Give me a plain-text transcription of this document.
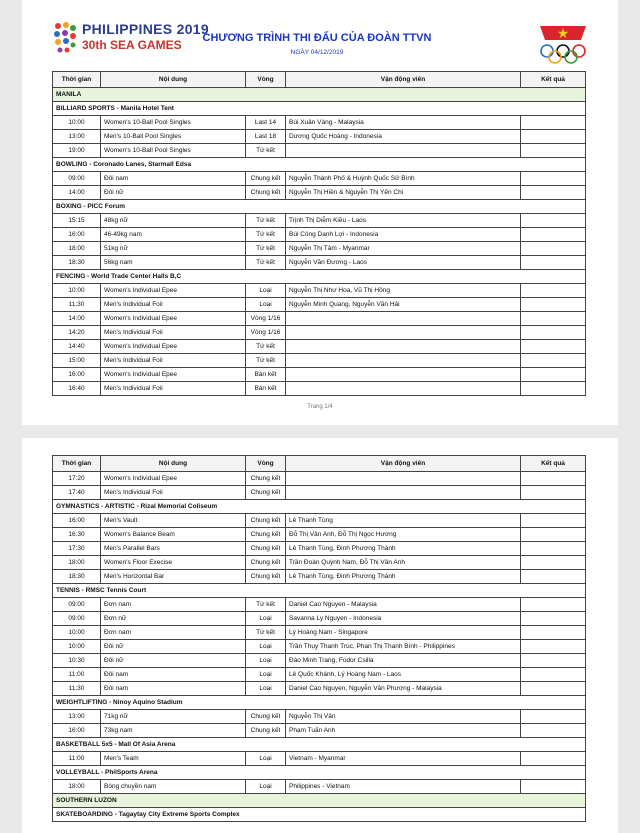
PHILIPPINES 2019
30th SEA GAMES	CHƯƠNG TRÌNH THI ĐẤU CỦA ĐOÀN TTVN
NGÀY 04/12/2019
Thời gian	Nội dung	Vòng	Vận động viên	Kết quả
MANILA				
BILLIARD SPORTS - Manila Hotel Tent				
10:00	Women's 10-Ball Pool Singles	Last 14	Bùi Xuân Vàng - Malaysia	
13:00	Men's 10-Ball Pool Singles	Last 18	Dương Quốc Hoàng - Indonesia	
19:00	Women's 10-Ball Pool Singles	Tứ kết		
BOWLING - Coronado Lanes, Starmall Edsa				
09:00	Đôi nam	Chung kết	Nguyễn Thành Phố & Huỳnh Quốc Sử Bình	
14:00	Đôi nữ	Chung kết	Nguyễn Thị Hiền & Nguyễn Thị Yến Chi	
BOXING - PICC Forum				
15:15	48kg nữ	Tứ kết	Trịnh Thị Diễm Kiều - Laos	
16:00	46-49kg nam	Tứ kết	Bùi Công Danh Lợi - Indonesia	
18:00	51kg nữ	Tứ kết	Nguyễn Thị Tâm - Myanmar	
18:30	56kg nam	Tứ kết	Nguyễn Văn Đương - Laos	
FENCING - World Trade Center Halls B,C				
10:00	Women's Individual Epee	Loại	Nguyễn Thị Như Hoa, Vũ Thị Hồng	
11:30	Men's Individual Foil	Loại	Nguyễn Minh Quang, Nguyễn Văn Hải	
14:00	Women's Individual Epee	Vòng 1/16		
14:20	Men's Individual Foil	Vòng 1/16		
14:40	Women's Individual Epee	Tứ kết		
15:00	Men's Individual Foil	Tứ kết		
16:00	Women's Individual Epee	Bán kết		
16:40	Men's Individual Foil	Bán kết		
Trang 1/4
Thời gian	Nội dung	Vòng	Vận động viên	Kết quả
17:20	Women's Individual Epee	Chung kết		
17:40	Men's Individual Foil	Chung kết		
GYMNASTICS - ARTISTIC - Rizal Memorial Coliseum				
16:00	Men's Vault	Chung kết	Lê Thanh Tùng	
16:30	Women's Balance Beam	Chung kết	Đỗ Thị Vân Anh, Đỗ Thị Ngọc Hương	
17:30	Men's Parallel Bars	Chung kết	Lê Thanh Tùng, Đinh Phương Thành	
18:00	Women's Floor Execise	Chung kết	Trần Đoàn Quỳnh Nam, Đỗ Thị Vân Anh	
18:30	Men's Horizontal Bar	Chung kết	Lê Thanh Tùng, Đinh Phương Thành	
TENNIS - RMSC Tennis Court				
09:00	Đơn nam	Tứ kết	Daniel Cao Nguyen - Malaysia	
09:00	Đơn nữ	Loại	Savanna Ly Nguyen - Indonesia	
10:00	Đơn nam	Tứ kết	Lý Hoàng Nam - Singapore	
10:00	Đôi nữ	Loại	Trần Thụy Thanh Trúc, Phan Thị Thanh Bình - Philippines	
10:30	Đôi nữ	Loại	Đào Minh Trang, Fodor Csilla	
11:00	Đôi nam	Loại	Lê Quốc Khánh, Lý Hoàng Nam - Laos	
11:30	Đôi nam	Loại	Daniel Cao Nguyen, Nguyễn Văn Phương - Malaysia	
WEIGHTLIFTING - Ninoy Aquino Stadium				
13:00	71kg nữ	Chung kết	Nguyễn Thị Vân	
16:00	73kg nam	Chung kết	Phạm Tuấn Anh	
BASKETBALL 5x5 - Mall Of Asia Arena				
11:00	Men's Team	Loại	Vietnam - Myanmar	
VOLLEYBALL - PhilSports Arena				
18:00	Bóng chuyền nam	Loại	Philippines - Vietnam	
SOUTHERN LUZON				
SKATEBOARDING - Tagaytay City Extreme Sports Complex				
